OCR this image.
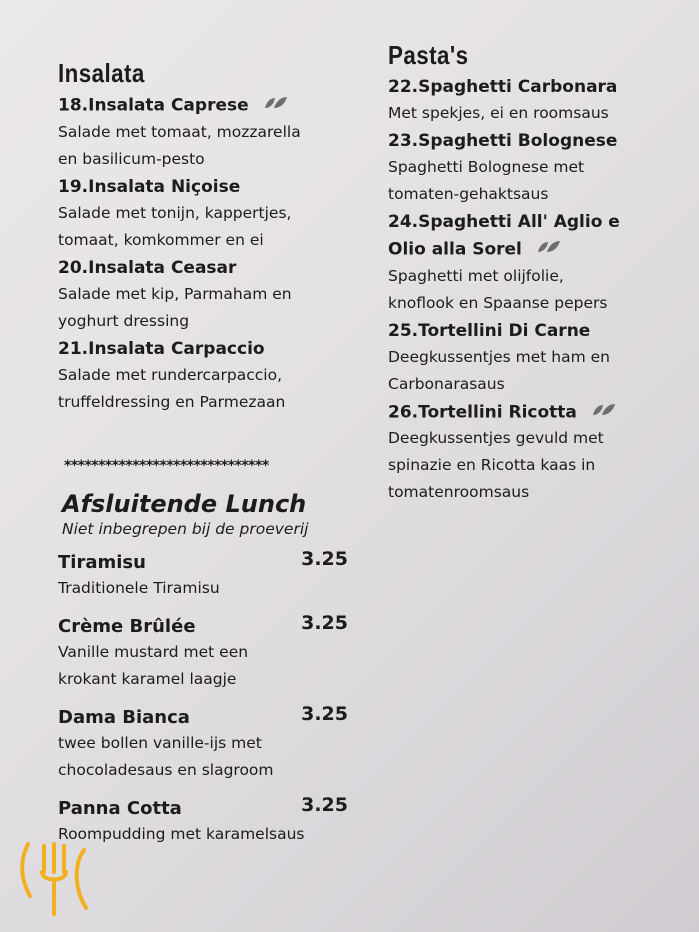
Insalata
18.Insalata Caprese
Salade met tomaat, mozzarella
en basilicum-pesto
19.Insalata Niçoise
Salade met tonijn, kappertjes,
tomaat, komkommer en ei
20.Insalata Ceasar
Salade met kip, Parmaham en
yoghurt dressing
21.Insalata Carpaccio
Salade met rundercarpaccio,
truffeldressing en Parmezaan
******************************
Afsluitende Lunch
Niet inbegrepen bij de proeverij
Tiramisu	3.25
Traditionele Tiramisu
Crème Brûlée	3.25
Vanille mustard met een
krokant karamel laagje
Dama Bianca	3.25
twee bollen vanille-ijs met
chocoladesaus en slagroom
Panna Cotta	3.25
Roompudding met karamelsaus
Pasta's
22.Spaghetti Carbonara
Met spekjes, ei en roomsaus
23.Spaghetti Bolognese
Spaghetti Bolognese met
tomaten-gehaktsaus
24.Spaghetti All' Aglio e
Olio alla Sorel
Spaghetti met olijfolie,
knoflook en Spaanse pepers
25.Tortellini Di Carne
Deegkussentjes met ham en
Carbonarasaus
26.Tortellini Ricotta
Deegkussentjes gevuld met
spinazie en Ricotta kaas in
tomatenroomsaus
